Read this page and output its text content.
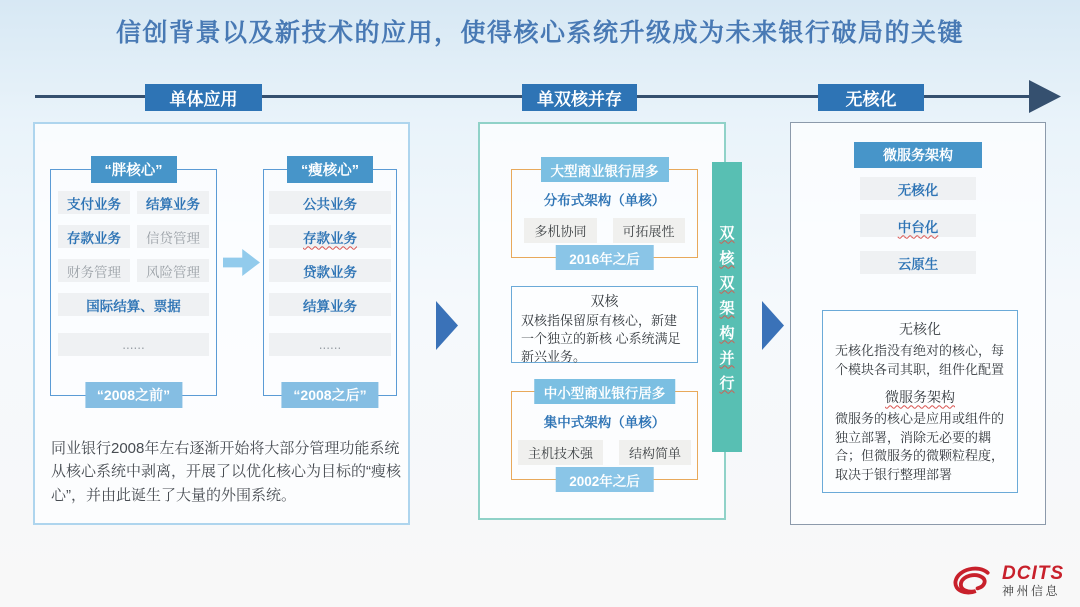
信创背景以及新技术的应用，使得核心系统升级成为未来银行破局的关键
单体应用	单双核并存	无核化
“胖核心”
支付业务	结算业务
存款业务	信贷管理
财务管理	风险管理
国际结算、票据
......
“2008之前”
“瘦核心”
公共业务
存款业务
贷款业务
结算业务
......
“2008之后”
同业银行2008年左右逐渐开始将大部分管理功能系统从核心系统中剥离，开展了以优化核心为目标的“瘦核心”，并由此诞生了大量的外围系统。
大型商业银行居多
分布式架构（单核）
多机协同	可拓展性
2016年之后
双核
双核指保留原有核心，新建一个独立的新核 心系统满足新兴业务。
中小型商业银行居多
集中式架构（单核）
主机技术强	结构简单
2002年之后
双
核
双
架
构
并
行
微服务架构
无核化
中台化
云原生
无核化
无核化指没有绝对的核心，每个模块各司其职，组件化配置
微服务架构
微服务的核心是应用或组件的独立部署，消除无必要的耦合；但微服务的微颗粒程度，取决于银行整理部署
DCITS
神州信息
